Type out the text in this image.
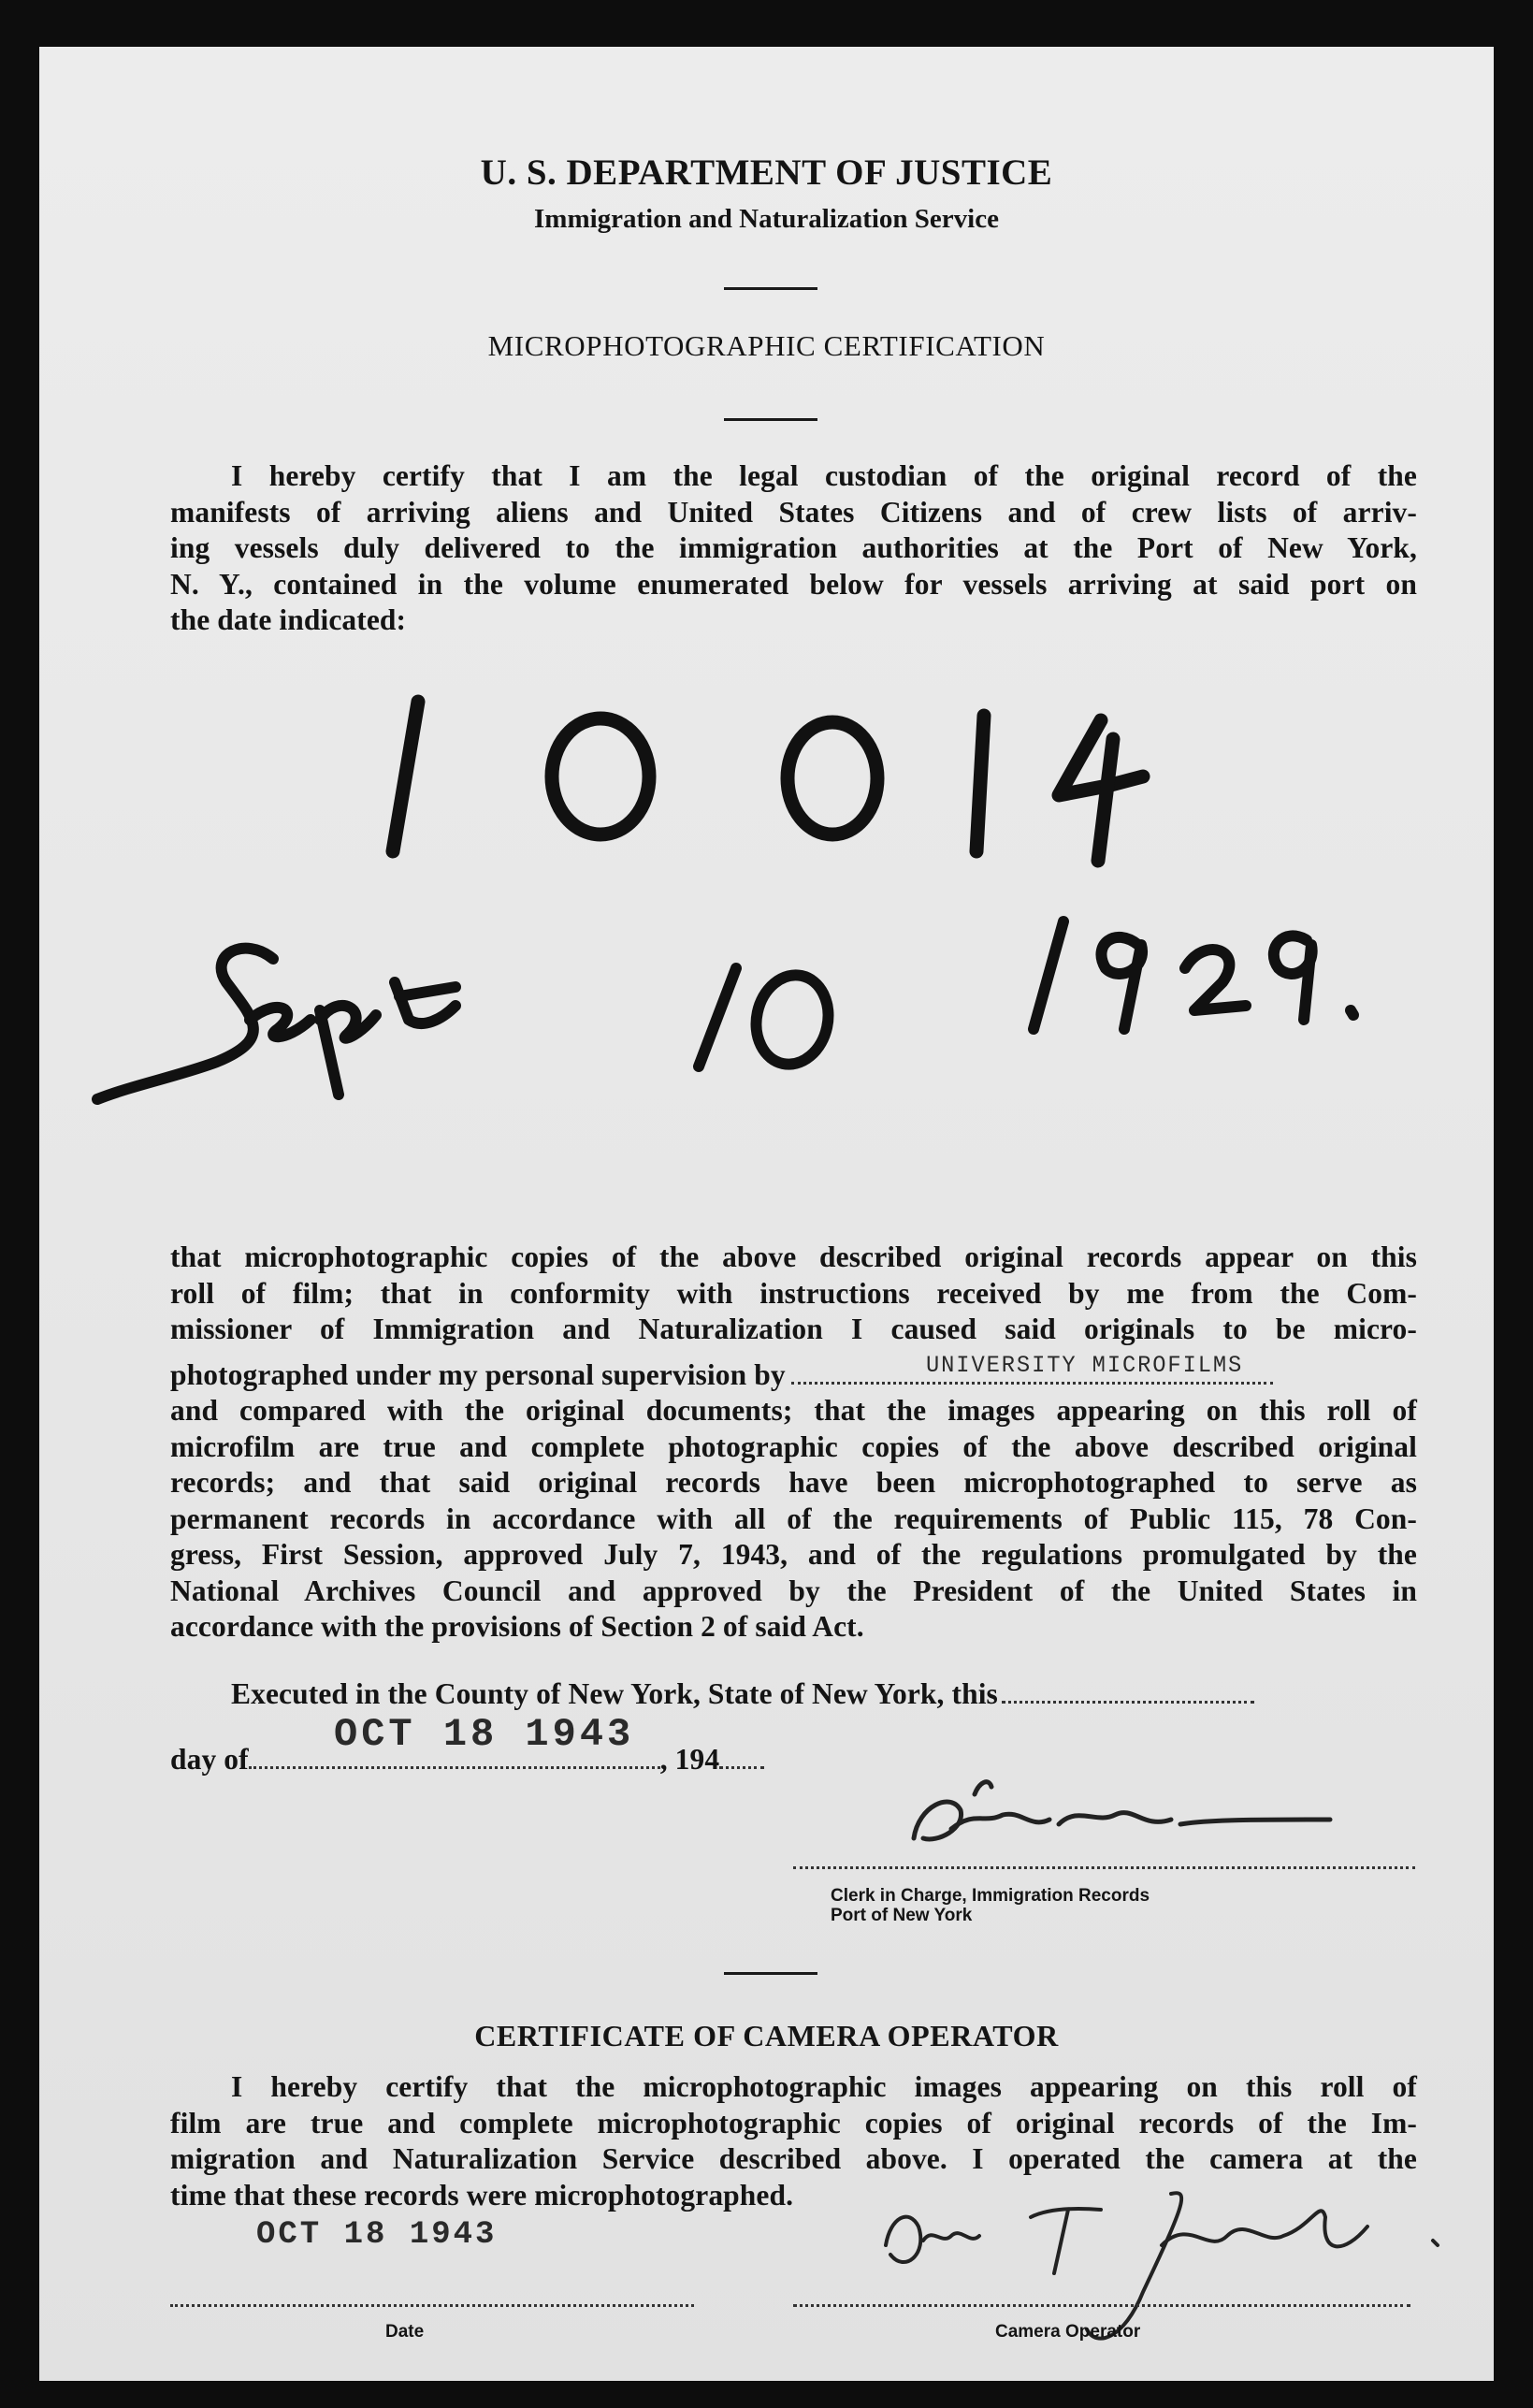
U. S. DEPARTMENT OF JUSTICE
Immigration and Naturalization Service
MICROPHOTOGRAPHIC CERTIFICATION
I hereby certify that I am the legal custodian of the original record of the
manifests of arriving aliens and United States Citizens and of crew lists of arriv-
ing vessels duly delivered to the immigration authorities at the Port of New York,
N. Y., contained in the volume enumerated below for vessels arriving at said port on
the date indicated:
that microphotographic copies of the above described original records appear on this
roll of film; that in conformity with instructions received by me from the Com-
missioner of Immigration and Naturalization I caused said originals to be micro-
photographed under my personal supervision by
and compared with the original documents; that the images appearing on this roll of
microfilm are true and complete photographic copies of the above described original
records; and that said original records have been microphotographed to serve as
permanent records in accordance with all of the requirements of Public 115, 78 Con-
gress, First Session, approved July 7, 1943, and of the regulations promulgated by the
National Archives Council and approved by the President of the United States in
accordance with the provisions of Section 2 of said Act.
UNIVERSITY MICROFILMS
Executed in the County of New York, State of New York, this
day of	, 194
OCT 18 1943
Clerk in Charge, Immigration Records
Port of New York
CERTIFICATE OF CAMERA OPERATOR
I hereby certify that the microphotographic images appearing on this roll of
film are true and complete microphotographic copies of original records of the Im-
migration and Naturalization Service described above. I operated the camera at the
time that these records were microphotographed.
OCT 18 1943
Date	Camera Operator
